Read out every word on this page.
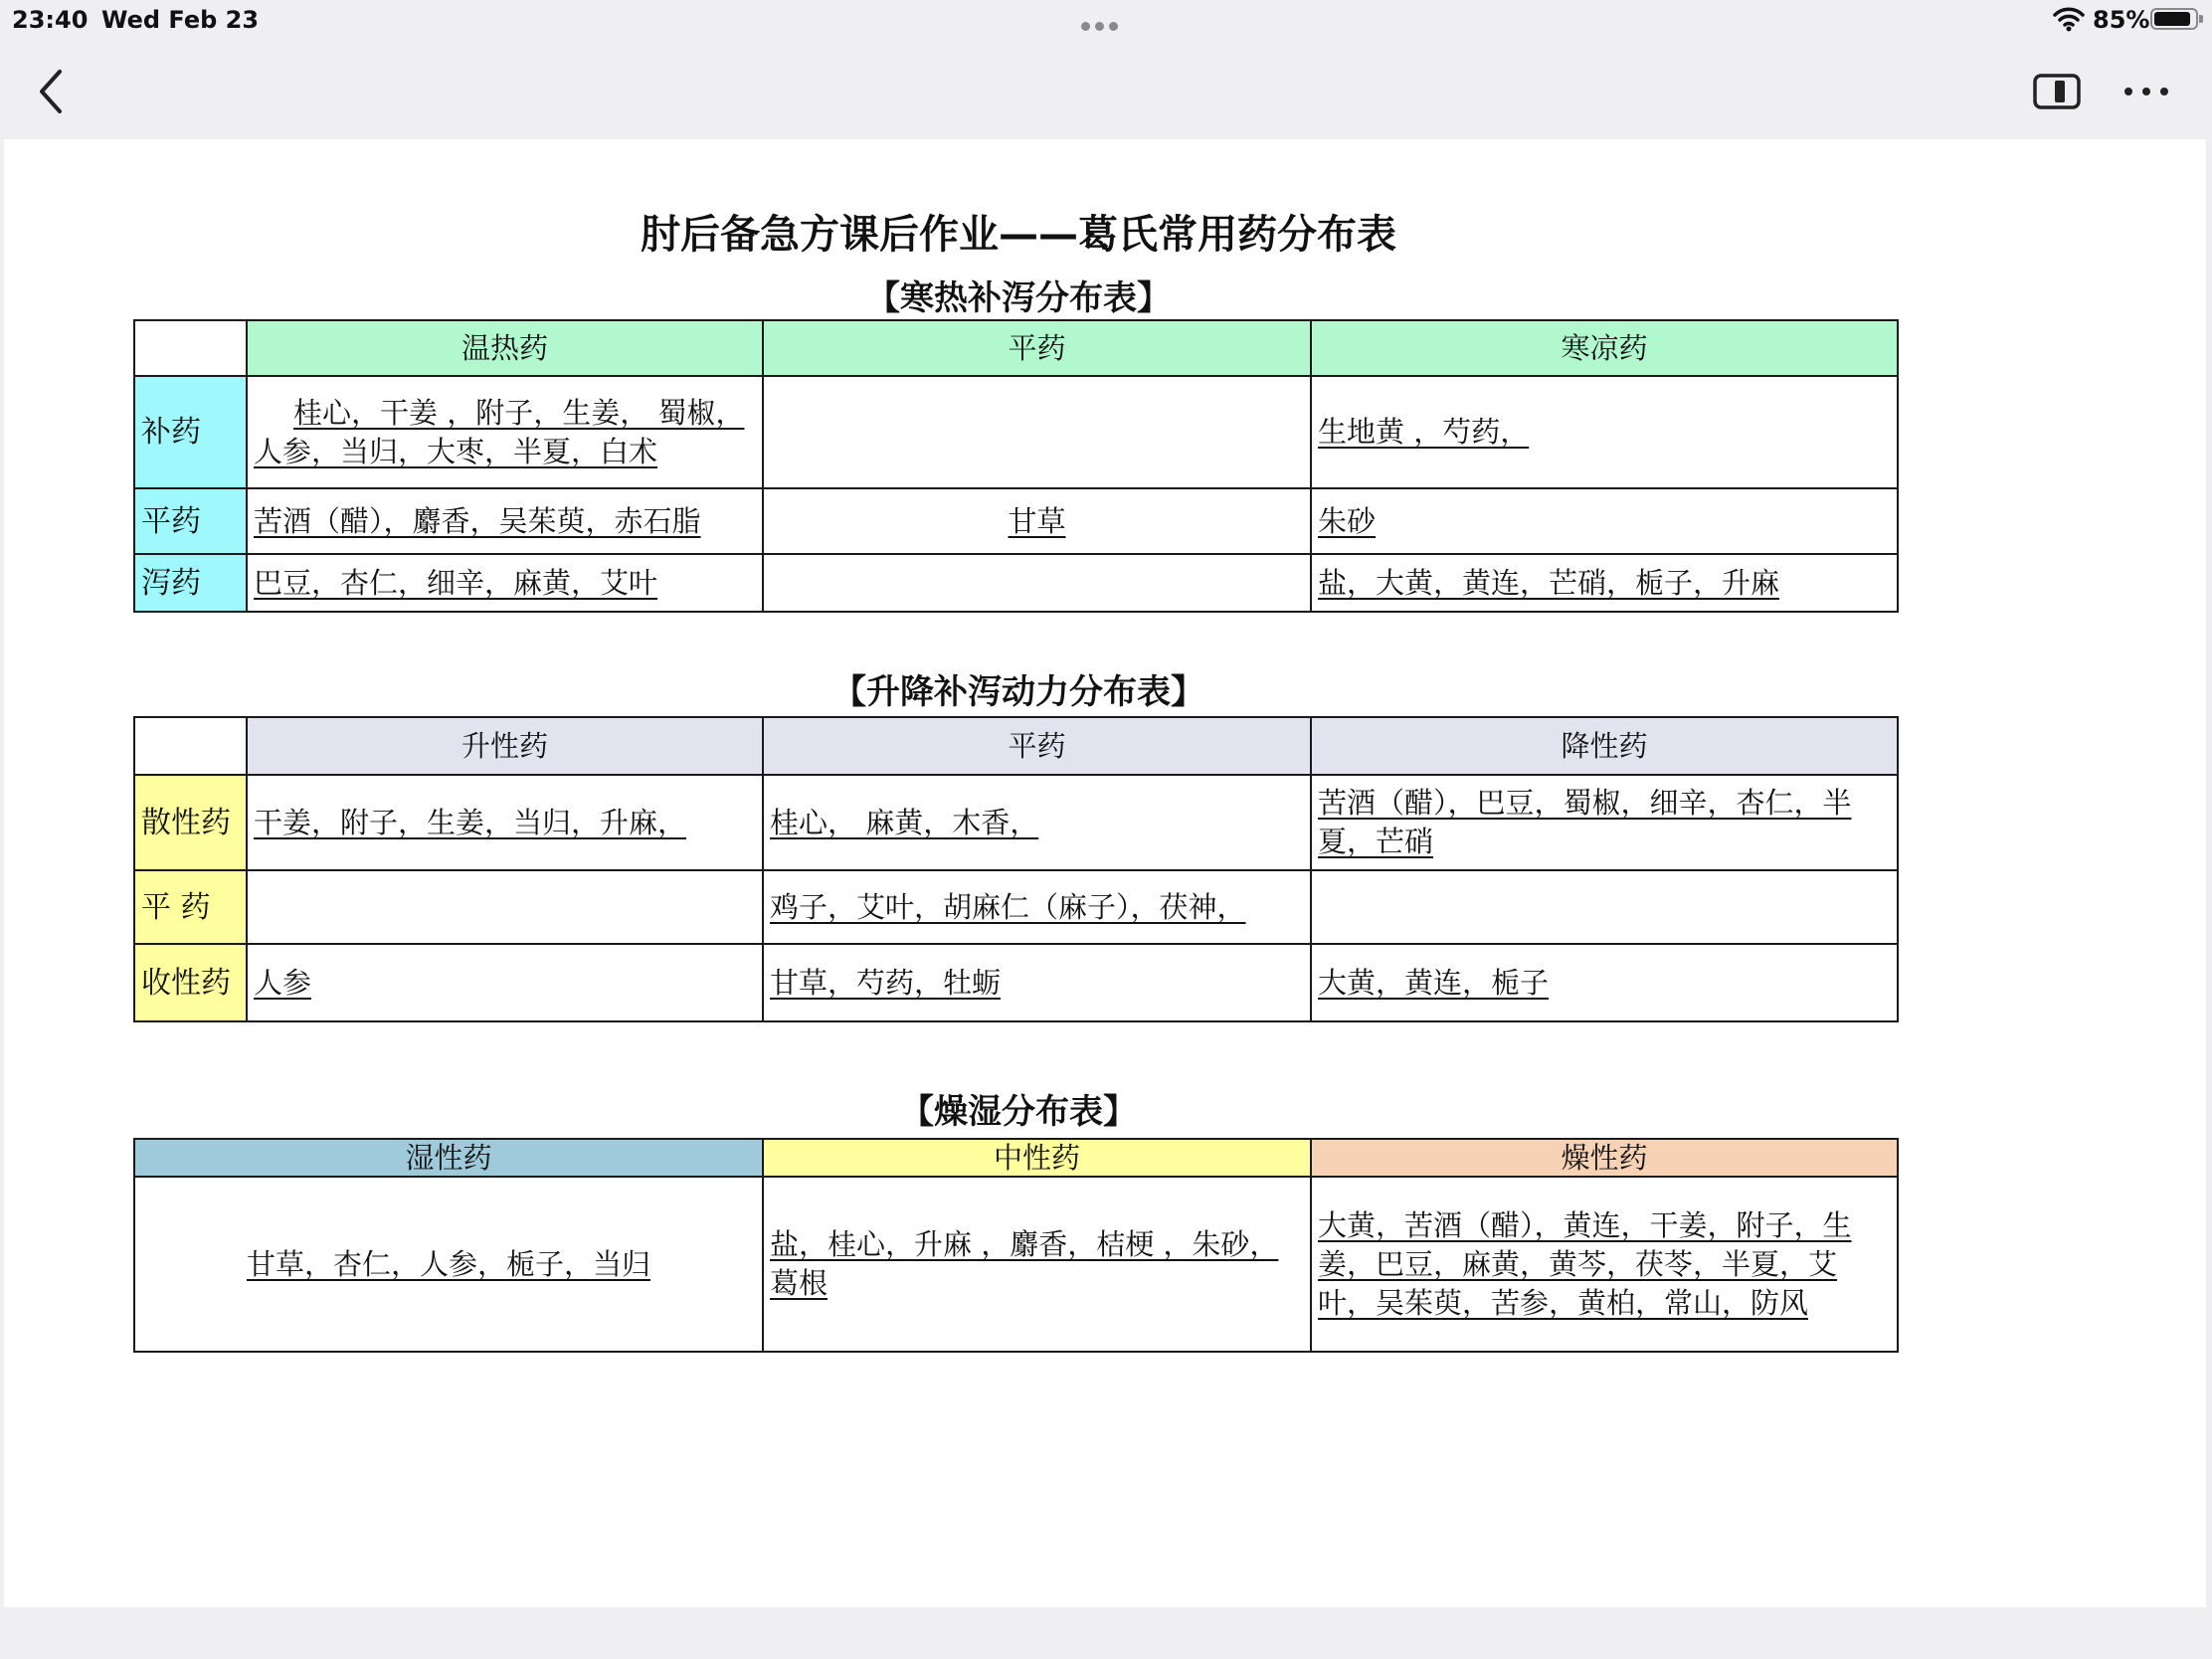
23:40 Wed Feb 23	85%
肘后备急方课后作业——葛氏常用药分布表
【寒热补泻分布表】
	温热药	平药	寒凉药
补药	桂心，干姜 ，附子，生姜， 蜀椒，人参，当归，大枣，半夏，白术		生地黄 ，芍药，
平药	苦酒（醋），麝香，吴茱萸，赤石脂	甘草	朱砂
泻药	巴豆，杏仁，细辛，麻黄，艾叶		盐，大黄，黄连，芒硝，栀子，升麻
【升降补泻动力分布表】
	升性药	平药	降性药
散性药	干姜，附子，生姜，当归，升麻，	桂心， 麻黄，木香，	苦酒（醋），巴豆，蜀椒，细辛，杏仁，半夏，芒硝
平 药		鸡子，艾叶，胡麻仁（麻子），茯神，	
收性药	人参	甘草，芍药，牡蛎	大黄，黄连，栀子
【燥湿分布表】
湿性药	中性药	燥性药
甘草，杏仁，人参，栀子，当归	盐，桂心，升麻 ，麝香，桔梗 ，朱砂，葛根	大黄，苦酒（醋），黄连，干姜，附子，生姜，巴豆，麻黄，黄芩，茯苓，半夏，艾叶，吴茱萸，苦参，黄柏，常山，防风
